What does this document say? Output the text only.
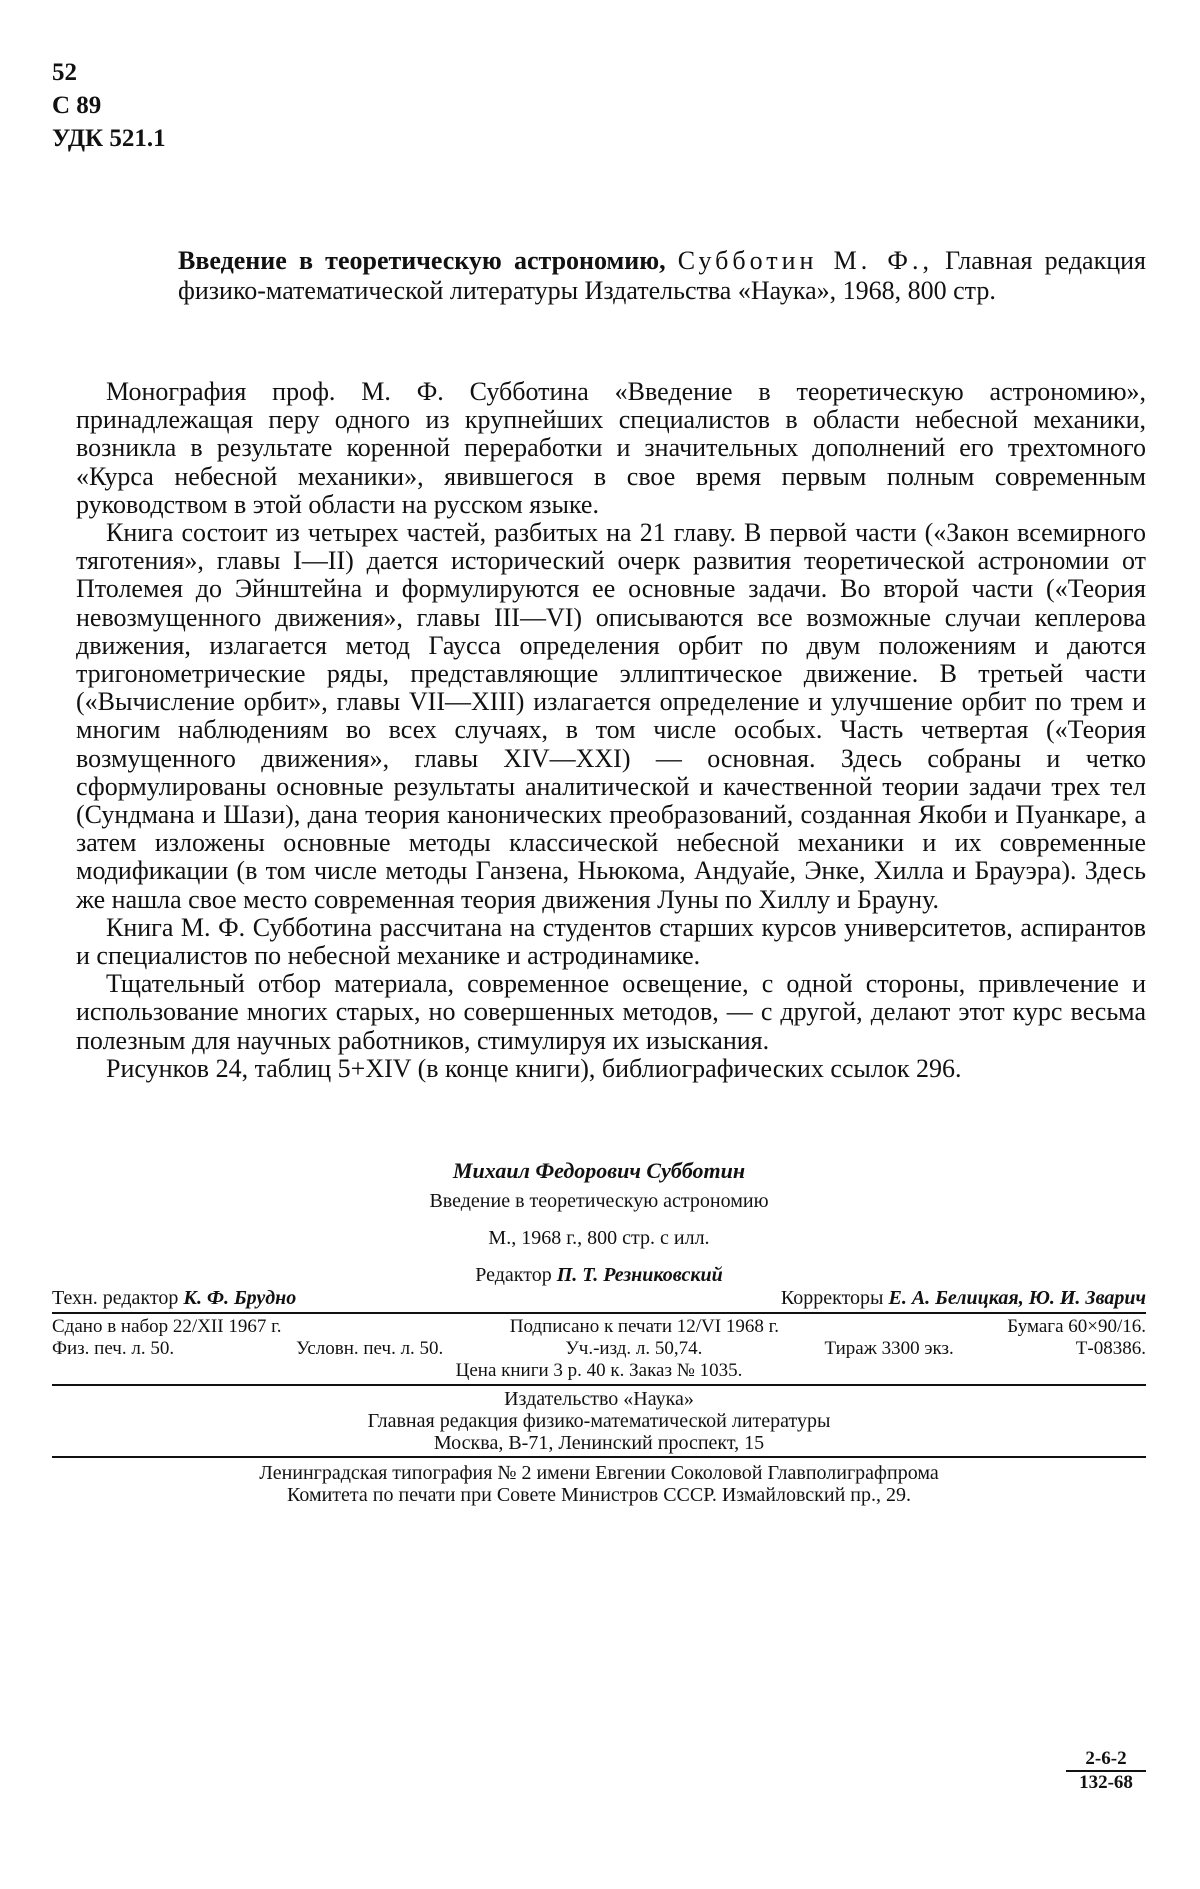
52
С 89
УДК 521.1
Введение в теоретическую астрономию, Субботин М. Ф., Главная редакция физико-математической литературы Издательства «Наука», 1968, 800 стр.

Монография проф. М. Ф. Субботина «Введение в теоретическую астрономию», принадлежащая перу одного из крупнейших специалистов в области небесной механики, возникла в результате коренной переработки и значительных дополнений его трехтомного «Курса небесной механики», явившегося в свое время первым полным современным руководством в этой области на русском языке.

Книга состоит из четырех частей, разбитых на 21 главу. В первой части («Закон всемирного тяготения», главы I—II) дается исторический очерк развития теоретической астрономии от Птолемея до Эйнштейна и формулируются ее основные задачи. Во второй части («Теория невозмущенного движения», главы III—VI) описываются все возможные случаи кеплерова движения, излагается метод Гаусса определения орбит по двум положениям и даются тригонометрические ряды, представляющие эллиптическое движение. В третьей части («Вычисление орбит», главы VII—XIII) излагается определение и улучшение орбит по трем и многим наблюдениям во всех случаях, в том числе особых. Часть четвертая («Теория возмущенного движения», главы XIV—XXI) — основная. Здесь собраны и четко сформулированы основные результаты аналитической и качественной теории задачи трех тел (Сундмана и Шази), дана теория канонических преобразований, созданная Якоби и Пуанкаре, а затем изложены основные методы классической небесной механики и их современные модификации (в том числе методы Ганзена, Ньюкома, Андуайе, Энке, Хилла и Брауэра). Здесь же нашла свое место современная теория движения Луны по Хиллу и Брауну.

Книга М. Ф. Субботина рассчитана на студентов старших курсов университетов, аспирантов и специалистов по небесной механике и астродинамике.

Тщательный отбор материала, современное освещение, с одной стороны, привлечение и использование многих старых, но совершенных методов, — с другой, делают этот курс весьма полезным для научных работников, стимулируя их изыскания.

Рисунков 24, таблиц 5+XIV (в конце книги), библиографических ссылок 296.

Михаил Федорович Субботин
Введение в теоретическую астрономию
М., 1968 г., 800 стр. с илл.
Редактор П. Т. Резниковский
Техн. редактор К. Ф. Брудно	Корректоры Е. А. Белицкая, Ю. И. Зварич
Сдано в набор 22/XII 1967 г.	Подписано к печати 12/VI 1968 г.	Бумага 60×90/16.
Физ. печ. л. 50.	Условн. печ. л. 50.	Уч.-изд. л. 50,74.	Тираж 3300 экз.	Т-08386.
Цена книги 3 р. 40 к. Заказ № 1035.
Издательство «Наука»
Главная редакция физико-математической литературы
Москва, В-71, Ленинский проспект, 15
Ленинградская типография № 2 имени Евгении Соколовой Главполиграфпрома
Комитета по печати при Совете Министров СССР. Измайловский пр., 29.
2-6-2
132-68
